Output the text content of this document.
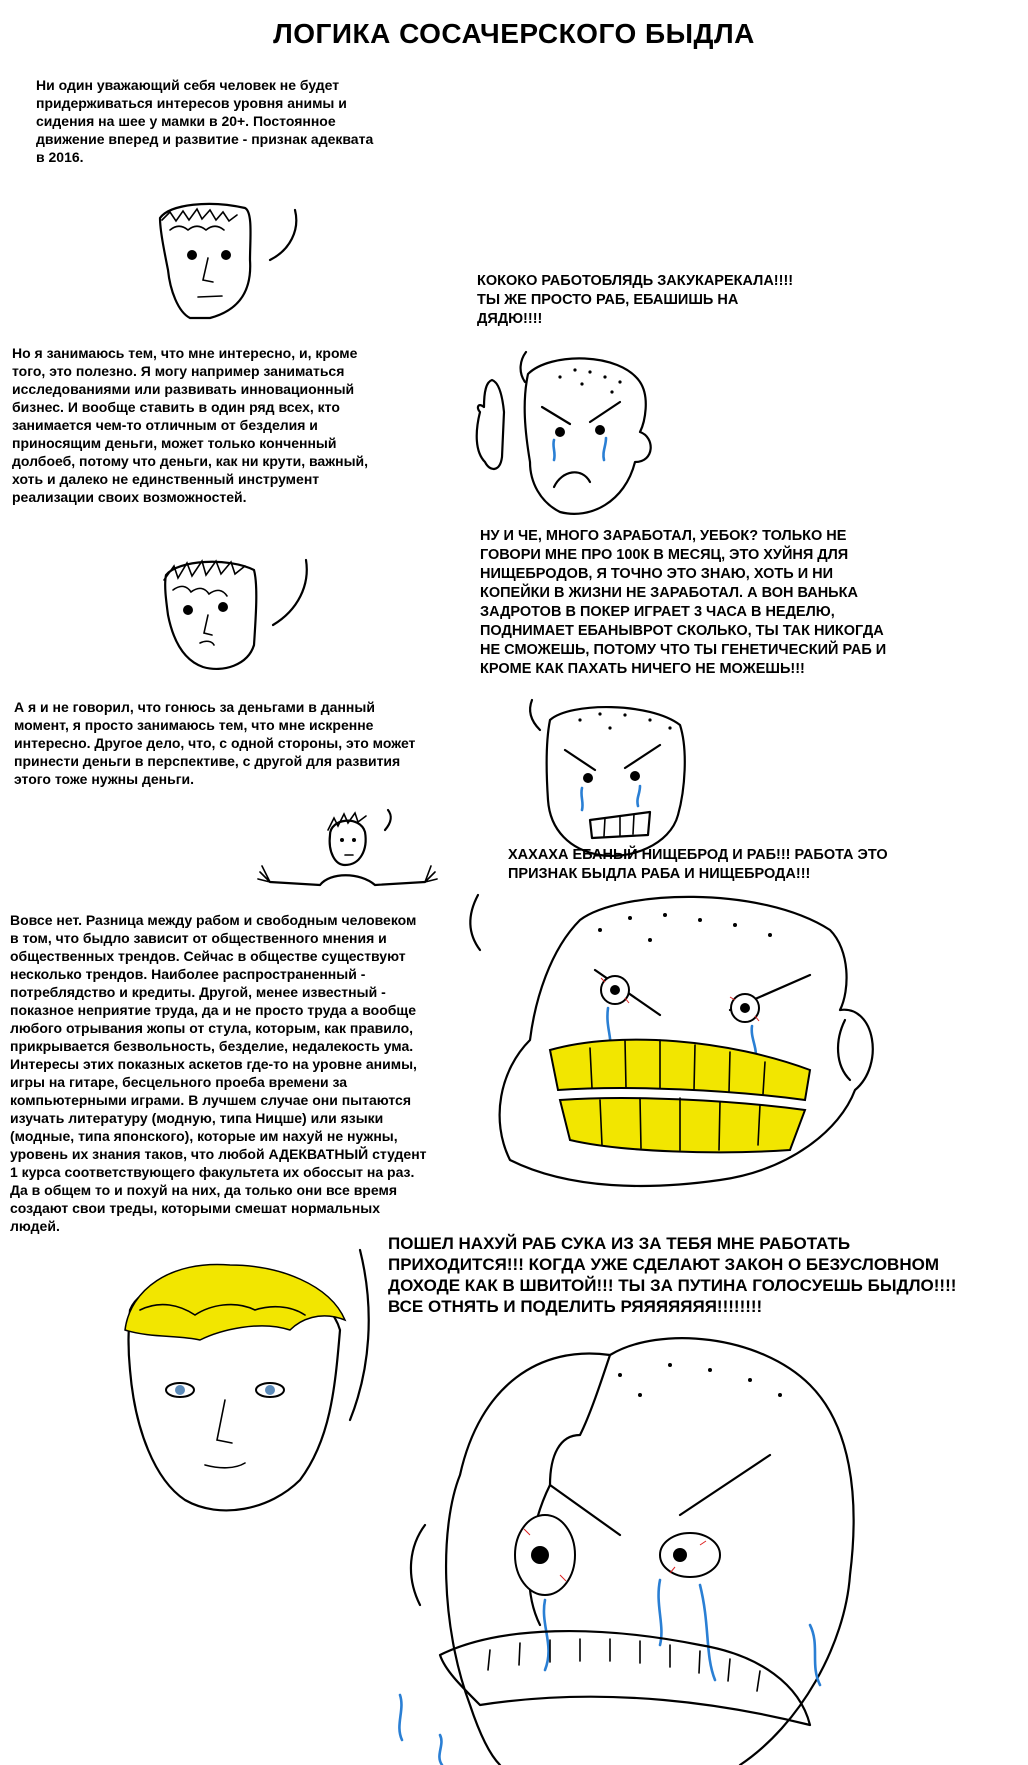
ЛОГИКА СОСАЧЕРСКОГО БЫДЛА
Ни один уважающий себя человек не будет
придерживаться интересов уровня анимы и
сидения на шее у мамки в 20+. Постоянное
движение вперед и развитие - признак адеквата
в 2016.
Но я занимаюсь тем, что мне интересно, и, кроме
того, это полезно. Я могу например заниматься
исследованиями или развивать инновационный
бизнес. И вообще ставить в один ряд всех, кто
занимается чем-то отличным от безделия и
приносящим деньги, может только конченный
долбоеб, потому что деньги, как ни крути, важный,
хоть и далеко не единственный инструмент
реализации своих возможностей.
А я и не говорил, что гонюсь за деньгами в данный
момент, я просто занимаюсь тем, что мне искренне
интересно. Другое дело, что, с одной стороны, это может
принести деньги в перспективе, с другой для развития
этого тоже нужны деньги.
Вовсе нет. Разница между рабом и свободным человеком
в том, что быдло зависит от общественного мнения и
общественных трендов. Сейчас в обществе существуют
несколько трендов. Наиболее распространенный -
потреблядство и кредиты. Другой, менее известный -
показное неприятие труда, да и не просто труда а вообще
любого отрывания жопы от стула, которым, как правило,
прикрывается безвольность, безделие, недалекость ума.
Интересы этих показных аскетов где-то на уровне анимы,
игры на гитаре, бесцельного проеба времени за
компьютерными играми. В лучшем случае они пытаются
изучать литературу (модную, типа Ницше) или языки
(модные, типа японского), которые им нахуй не нужны,
уровень их знания таков, что любой АДЕКВАТНЫЙ студент
1 курса соответствующего факультета их обоссыт на раз.
Да в общем то и похуй на них, да только они все время
создают свои треды, которыми смешат нормальных
людей.
КОКОКО РАБОТОБЛЯДЬ ЗАКУКАРЕКАЛА!!!!
ТЫ ЖЕ ПРОСТО РАБ, ЕБАШИШЬ НА
ДЯДЮ!!!!
НУ И ЧЕ, МНОГО ЗАРАБОТАЛ, УЕБОК? ТОЛЬКО НЕ
ГОВОРИ МНЕ ПРО 100К В МЕСЯЦ, ЭТО ХУЙНЯ ДЛЯ
НИЩЕБРОДОВ, Я ТОЧНО ЭТО ЗНАЮ, ХОТЬ И НИ
КОПЕЙКИ В ЖИЗНИ НЕ ЗАРАБОТАЛ. А ВОН ВАНЬКА
ЗАДРОТОВ В ПОКЕР ИГРАЕТ 3 ЧАСА В НЕДЕЛЮ,
ПОДНИМАЕТ ЕБАНЫВРОТ СКОЛЬКО, ТЫ ТАК НИКОГДА
НЕ СМОЖЕШЬ, ПОТОМУ ЧТО ТЫ ГЕНЕТИЧЕСКИЙ РАБ И
КРОМЕ КАК ПАХАТЬ НИЧЕГО НЕ МОЖЕШЬ!!!
ХАХАХА ЕБАНЫЙ НИЩЕБРОД И РАБ!!! РАБОТА ЭТО
ПРИЗНАК БЫДЛА РАБА И НИЩЕБРОДА!!!
ПОШЕЛ НАХУЙ РАБ СУКА ИЗ ЗА ТЕБЯ МНЕ РАБОТАТЬ
ПРИХОДИТСЯ!!! КОГДА УЖЕ СДЕЛАЮТ ЗАКОН О БЕЗУСЛОВНОМ
ДОХОДЕ КАК В ШВИТОЙ!!! ТЫ ЗА ПУТИНА ГОЛОСУЕШЬ БЫДЛО!!!!
ВСЕ ОТНЯТЬ И ПОДЕЛИТЬ РЯЯЯЯЯЯЯ!!!!!!!!
